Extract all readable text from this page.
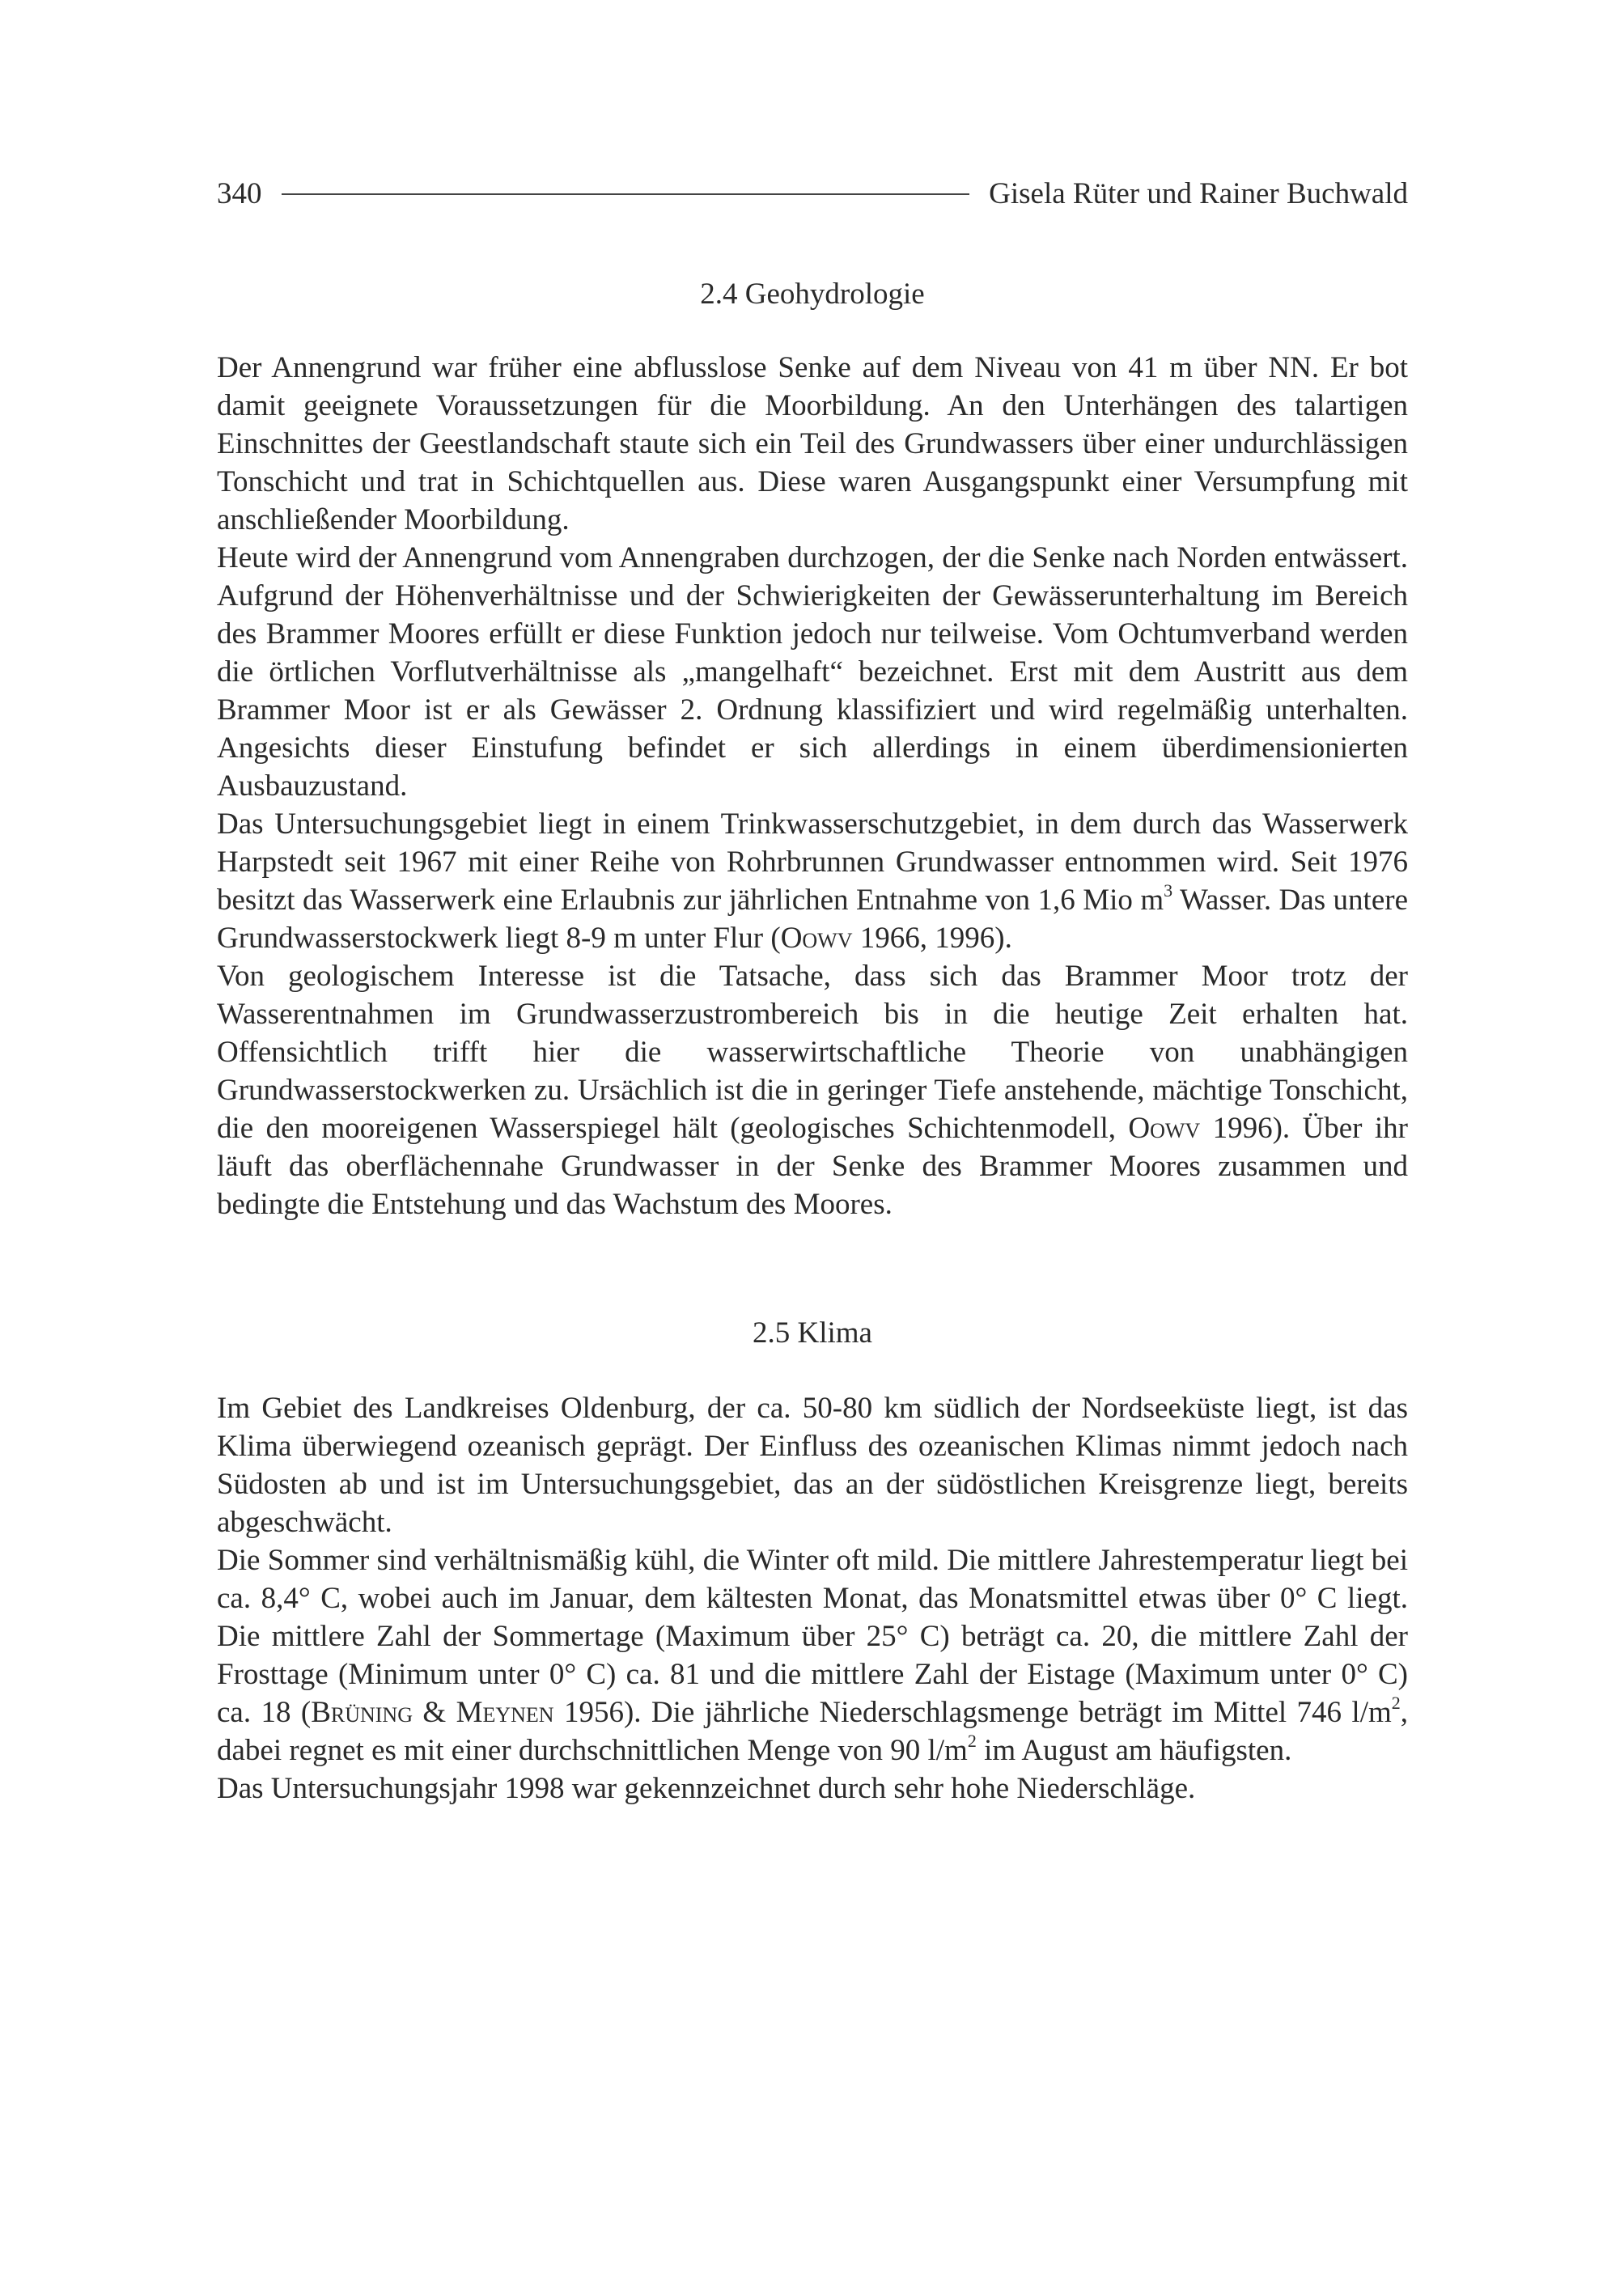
340	Gisela Rüter und Rainer Buchwald
2.4 Geohydrologie

Der Annengrund war früher eine abflusslose Senke auf dem Niveau von 41 m über NN. Er bot damit geeignete Voraussetzungen für die Moorbildung. An den Unterhängen des talartigen Einschnittes der Geestlandschaft staute sich ein Teil des Grundwassers über einer undurchlässigen Tonschicht und trat in Schichtquellen aus. Diese waren Ausgangspunkt einer Versumpfung mit anschließender Moorbildung.

Heute wird der Annengrund vom Annengraben durchzogen, der die Senke nach Norden entwässert. Aufgrund der Höhenverhältnisse und der Schwierigkeiten der Gewässerunterhaltung im Bereich des Brammer Moores erfüllt er diese Funktion jedoch nur teilweise. Vom Ochtumverband werden die örtlichen Vorflutverhältnisse als „mangelhaft“ bezeichnet. Erst mit dem Austritt aus dem Brammer Moor ist er als Gewässer 2. Ordnung klassifiziert und wird regelmäßig unterhalten. Angesichts dieser Einstufung befindet er sich allerdings in einem überdimensionierten Ausbauzustand.

Das Untersuchungsgebiet liegt in einem Trinkwasserschutzgebiet, in dem durch das Wasserwerk Harpstedt seit 1967 mit einer Reihe von Rohrbrunnen Grundwasser entnommen wird. Seit 1976 besitzt das Wasserwerk eine Erlaubnis zur jährlichen Entnahme von 1,6 Mio $m^3$ Wasser. Das untere Grundwasserstockwerk liegt 8-9 m unter Flur (Oowv 1966, 1996).

Von geologischem Interesse ist die Tatsache, dass sich das Brammer Moor trotz der Wasserentnahmen im Grundwasserzustrombereich bis in die heutige Zeit erhalten hat. Offensichtlich trifft hier die wasserwirtschaftliche Theorie von unabhängigen Grundwasserstockwerken zu. Ursächlich ist die in geringer Tiefe anstehende, mächtige Tonschicht, die den mooreigenen Wasserspiegel hält (geologisches Schichtenmodell, Oowv 1996). Über ihr läuft das oberflächennahe Grundwasser in der Senke des Brammer Moores zusammen und bedingte die Entstehung und das Wachstum des Moores.

2.5 Klima

Im Gebiet des Landkreises Oldenburg, der ca. 50-80 km südlich der Nordseeküste liegt, ist das Klima überwiegend ozeanisch geprägt. Der Einfluss des ozeanischen Klimas nimmt jedoch nach Südosten ab und ist im Untersuchungsgebiet, das an der südöstlichen Kreisgrenze liegt, bereits abgeschwächt.

Die Sommer sind verhältnismäßig kühl, die Winter oft mild. Die mittlere Jahrestemperatur liegt bei ca. 8,4° C, wobei auch im Januar, dem kältesten Monat, das Monatsmittel etwas über 0° C liegt. Die mittlere Zahl der Sommertage (Maximum über 25° C) beträgt ca. 20, die mittlere Zahl der Frosttage (Minimum unter 0° C) ca. 81 und die mittlere Zahl der Eistage (Maximum unter 0° C) ca. 18 (Brüning & Meynen 1956). Die jährliche Niederschlagsmenge beträgt im Mittel 746 $l/m^2$, dabei regnet es mit einer durchschnittlichen Menge von 90 $l/m^2$ im August am häufigsten.

Das Untersuchungsjahr 1998 war gekennzeichnet durch sehr hohe Niederschläge.
